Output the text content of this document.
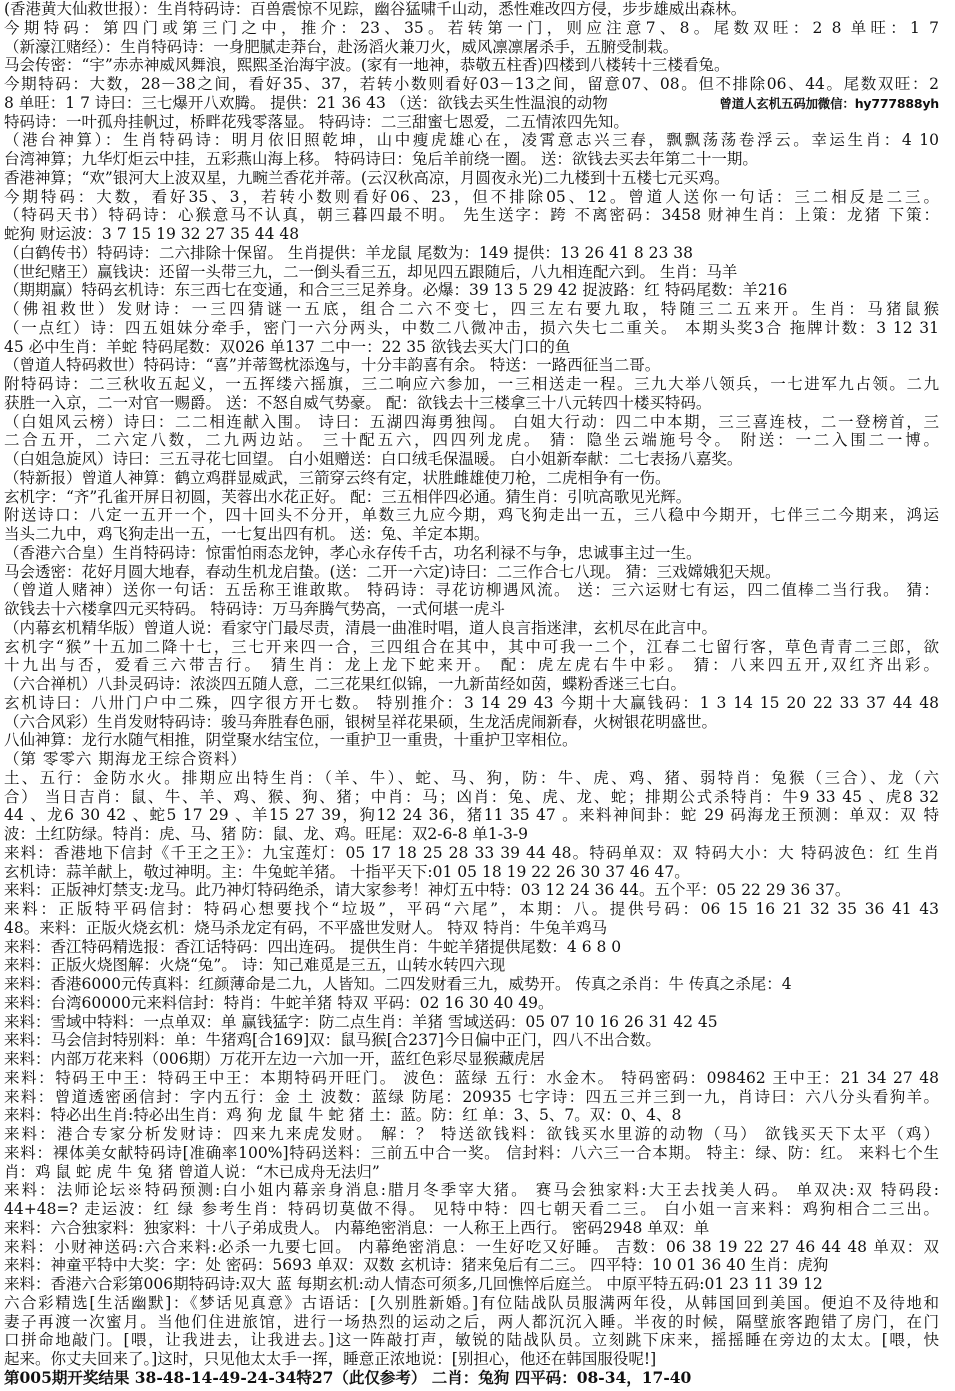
(香港黄大仙救世报）：生肖特码诗：百兽震惊不见踪，幽谷猛啸千山动，悉性难改四方侵，步步雄威出森林。
今期特码：第四门或第三门之中，推介：23、35。若转第一门，则应注意7、8。尾数双旺：2 8 单旺：1 7
（新濠江赌经）：生肖特码诗：一身肥腻走莽台，赴汤滔火兼刀火，威风凛凛屠杀手，五腑受制栽。
马会传密：“宇”赤赤神威风舞浪，熙熙圣治海宇波。(家有一地神，恭敬五柱香)四楼到八楼转十三楼看兔。
今期特码：大数，28－38之间，看好35、37，若转小数则看好03－13之间，留意07、08。但不排除06、44。尾数双旺：2
8 单旺：1 7 诗曰：三七爆开八欢腾。 提供：21 36 43 （送：欲钱去买生性温浪的动物	曾道人玄机五码加微信：hy777888yh
特码诗：一叶孤舟挂帆过，桥畔花残零落显。 特码诗：二三甜蜜七恩爱，二五情浓四先知。
（港台神算）：生肖特码诗：明月依旧照乾坤，山中瘦虎雄心在，凌霄意志兴三春，飘飘荡荡卷浮云。幸运生肖：4 10
台湾神算；九华灯炬云中挂，五彩燕山海上移。 特码诗曰：兔后羊前绕一圈。 送：欲钱去买去年第二十一期。
香港神算；“欢”银河大上波双星，九畹兰香花并蒂。(云汉秋高凉，月圆夜永光)二九楼到十五楼七元买鸡。
今期特码：大数，看好35、3，若转小数则看好06、23，但不排除05、12。曾道人送你一句话：三二相反是二三。
（特码天书）特码诗：心猴意马不认真，朝三暮四最不明。 先生送字：跨 不离密码：3458 财神生肖：上策：龙猪 下策：
蛇狗 财运波：3 7 15 19 32 27 35 44 48
（白鹤传书）特码诗：二六排除十保留。 生肖提供：羊龙鼠 尾数为：149 提供：13 26 41 8 23 38
（世纪赌王）赢钱诀：还留一头带三九，二一倒头看三五，却见四五跟随后，八九相连配六到。 生肖：马羊
（期期赢）特码玄机诗：东三西七在变通，和合三三足养身。必爆：39 13 5 29 42 捉波路：红 特码尾数：羊216
（佛祖救世）发财诗：一三四猜谜一五底，组合二六不变七，四三左右要九取，特随三二五来开。生肖：马猪鼠猴
（一点红）诗：四五姐妹分牵手，密门一六分两头，中数二八微冲击，损六失七二重关。 本期头奖3合 拖牌计数：3 12 31
45 必中生肖：羊蛇 特码尾数：双026 单137 二中一：22 35 欲钱去买大门口的鱼
（曾道人特码救世）特码诗：“喜”并蒂鸳枕添逸与，十分丰韵喜有余。 特送：一路西征当二哥。
附特码诗：二三秋收五起义，一五挥缕六摇旗，三二响应六参加，一三相送走一程。三九大举八领兵，一七进军九占领。二九
获胜一入京，二一对官一赐爵。 送：不怒自威气势豪。 配：欲钱去十三楼拿三十八元转四十楼买特码。
（白姐风云榜）诗曰：二二相连献入围。 诗曰：五湖四海勇独闯。 白姐大行动：四二中本期，三三喜连枝，二一登榜首，三
二合五开，二六定八数，二九两边站。 三十配五六，四四列龙虎。 猜：隐坐云端施号令。 附送：一二入围二一博。
（白姐急旋风）诗曰：三五寻花七回望。 白小姐赠送：白口绒毛保温暖。 白小姐新奉献：二七表扬八嘉奖。
（特新报）曾道人神算：鹤立鸡群显威武，三箭穿云终有定，状胜雌雄使刀枪，二虎相争有一伤。
玄机字：“齐”孔雀开屏日初圆，芙蓉出水花正好。 配：三五相伴四必通。猜生肖：引吭高歌见光辉。
附送诗口：八定一五开一个，四十回头不分开，单数三九应今期，鸡飞狗走出一五，三八稳中今期开，七伴三二今期来，鸿运
当头二九中，鸡飞狗走出一五，一七复出四有机。 送：兔、羊定本期。
（香港六合皇）生肖特码诗：惊雷怕雨态龙钟，孝心永存传千古，功名利禄不与争，忠诚事主过一生。
马会透密：花好月圆大地春，春动生机龙启蛰。(送：二开一六定)诗曰：二三作合七八现。 猜：三戏嫦娥犯天规。
（曾道人赌神）送你一句话：五岳称王谁敢欺。 特码诗：寻花访柳遇风流。 送：三六运财七有运，四二值棒二当行我。 猜：
欲钱去十六楼拿四元买特码。 特码诗：万马奔腾气势高，一式何堪一虎斗
（内幕玄机精华版）曾道人说：看家守门最尽责，清晨一曲准时唱，道人良言指迷津，玄机尽在此言中。
玄机字“猴”十五加二降十七，三七开来四一合，三四组合在其中，其中可我一二个，江春二七留行客，草色青青二三郎，欲
十九出与否，爱看三六带吉行。 猜生肖：龙上龙下蛇来开。 配：虎左虎右牛中彩。 猜：八来四五开,双红齐出彩。
（六合禅机）八卦灵码诗：浓淡四五随人意，二三花果红似锦，一九新苗经如茵，蝶粉香迷三七白。
玄机诗曰：八卅门户中二殊，四字很方开七数。 特别推介：3 14 29 43 今期十大赢钱码：1 3 14 15 20 22 33 37 44 48
（六合风彩）生肖发财特码诗：骏马奔胜春色丽，银树呈祥花果硕，生龙活虎闹新春，火树银花明盛世。
八仙神算：龙行水随气相推，阴堂聚水结宝位，一重护卫一重贵，十重护卫宰相位。
（第 零零六 期海龙王综合资料）
土、五行：金防水火。排期应出特生肖：（羊、牛）、蛇、马、狗，防：牛、虎、鸡、猪、弱特肖：兔猴（三合）、龙（六
合） 当日吉肖：鼠、牛、羊、鸡、猴、狗、猪；中肖：马；凶肖：兔、虎、龙、蛇；排期公式杀特肖：牛9 33 45 、虎8 32
44 、龙6 30 42 、蛇5 17 29 、羊15 27 39，狗12 24 36，猪11 35 47 。来料神间卦：蛇 29 码海龙王预测：单双：双 特
波：土红防绿。特肖：虎、马、猪 防：鼠、龙、鸡。旺尾：双2-6-8 单1-3-9
来料：香港地下信封《千王之王》：九宝莲灯：05 17 18 25 28 33 39 44 48。特码单双：双 特码大小：大 特码波色：红 生肖
玄机诗：蒜羊献上，敬过神明。主：牛兔蛇羊猪。 十指平天下:01 05 18 19 22 26 30 37 46 47。
来料：正版神灯禁支:龙马。此乃神灯特码绝杀，请大家参考！神灯五中特：03 12 24 36 44。五个平：05 22 29 36 37。
来料：正版特平码信封：特码心想要找个“垃圾”，平码“六尾”，本期：八。提供号码：06 15 16 21 32 35 36 41 43
48。来料：正版火烧玄机：烧马杀龙定有码，不平盛世发财人。 特双 特肖：牛兔羊鸡马
来料：香江特码精选报：香江话特码：四出连码。 提供生肖：牛蛇羊猪提供尾数：4 6 8 0
来料：正版火烧图解：火烧“兔”。 诗：知己难觅是三五，山转水转四六现
来料：香港6000元传真料：红颜薄命是二九，人皆知。二四发财看三九，威势开。 传真之杀肖：牛 传真之杀尾：4
来料：台湾60000元来料信封：特肖：牛蛇羊猪 特双 平码：02 16 30 40 49。
来料：雪域中特料：一点单双：单 赢钱猛字：防二点生肖：羊猪 雪域送码：05 07 10 16 26 31 42 45
来料：马会信封特别料：单：牛猪鸡[合169]双：鼠马猴[合237]今日偏中正门，四八不出合数。
来料：内部万花来料（006期）万花开左边一六加一开，蓝红色彩尽显猴藏虎居
来料：特码王中王：特码王中王：本期特码开旺门。 波色：蓝绿 五行：水金木。 特码密码：098462 王中王：21 34 27 48
来料：曾道透密函信封：字内五行：金 土 波数：蓝绿 防尾：20935 七字诗：四五三并三到一九，肖诗曰：六八分头看狗羊。
来料：特必出生肖:特必出生肖：鸡 狗 龙 鼠 牛 蛇 猪 土：蓝。防：红 单：3、5、7。双：0、4、8
来料：港合专家分析发财诗：四来九来虎发财。 解：？ 特送欲钱料：欲钱买水里游的动物（马） 欲钱买天下太平（鸡）
来料：裸体美女献特码诗[准确率100%]特码送料：三前五中合一奖。 信封料：八六三一合本期。 特主：绿、防：红。 来料七个生
肖：鸡 鼠 蛇 虎 牛 兔 猪 曾道人说：“木已成舟无法归”
来料：法师论坛※特码预测:白小姐内幕亲身消息:腊月冬季宰大猪。 赛马会独家料:大王去找美人码。 单双决:双 特码段:
44+48=? 走运波：红 绿 参考生肖：特码切莫做不得。 见特中特：四七朝天看二三。 白小姐一言来料：鸡狗相合二三出。
来料：六合独家料：独家料：十八子弟成贵人。 内幕绝密消息：一人称王上西行。 密码2948 单双：单
来料：小财神送码:六合来料:必杀一九要七回。 内幕绝密消息：一生好吃又好睡。 吉数：06 38 19 22 27 46 44 48 单双：双
来料：神童平特中大奖：字：处 密码：5693 单双：双数 玄机诗：猪来兔后有二三。 四平特：10 01 36 40 生肖：虎狗
来料：香港六合彩第006期特码诗:双大 蓝 每期玄机:动人情态可须多,几回憔悴后庭兰。 中原平特五码:01 23 11 39 12
六合彩精选[生活幽默]：《梦话见真意》古语话：[久别胜新婚。]有位陆战队员服满两年役，从韩国回到美国。便迫不及待地和
妻子再渡一次蜜月。当他们住进旅馆，进行一场热烈的运动之后，两人都沉沉入睡。半夜的时候，隔壁旅客跑错了房门，在门
口拼命地敲门。[喂，让我进去，让我进去。]这一阵敲打声，敏锐的陆战队员。立刻跳下床来，摇摇睡在旁边的太太。[喂，快
起来。你丈夫回来了。]这时，只见他太太手一挥，睡意正浓地说：[别担心，他还在韩国服役呢!]
第005期开奖结果 38-48-14-49-24-34特27（此仅参考） 二肖：兔狗 四平码：08-34，17-40
